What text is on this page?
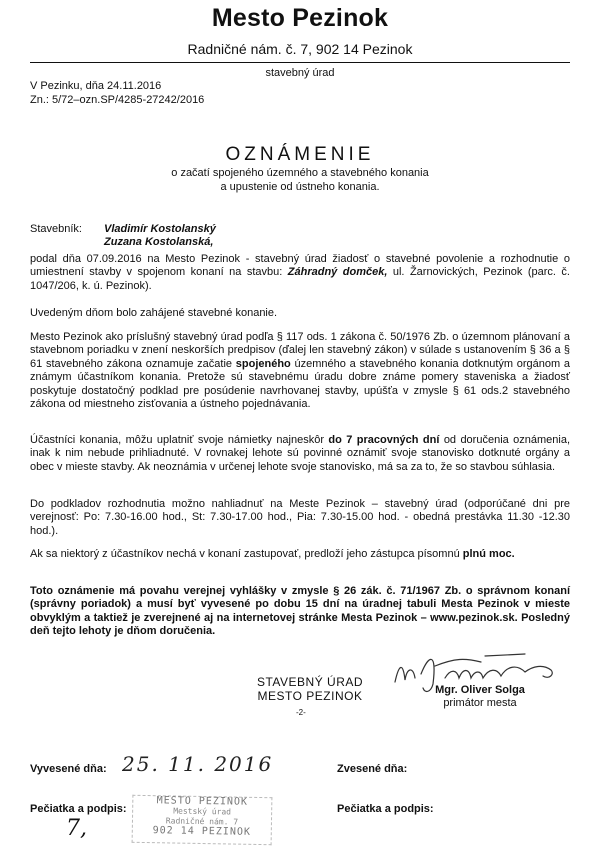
Mesto Pezinok
Radničné nám. č. 7, 902 14 Pezinok
stavebný úrad
V Pezinku, dňa 24.11.2016
Zn.: 5/72–ozn.SP/4285-27242/2016
OZNÁMENIE
o začatí spojeného územného a stavebného konania
a upustenie od ústneho konania.
Stavebník: Vladimír Kostolanský
Zuzana Kostolanská,
podal dňa 07.09.2016 na Mesto Pezinok - stavebný úrad žiadosť o stavebné povolenie a rozhodnutie o umiestnení stavby v spojenom konaní na stavbu: Záhradný domček, ul. Žarnovických, Pezinok (parc. č. 1047/206, k. ú. Pezinok).
Uvedeným dňom bolo zahájené stavebné konanie.
Mesto Pezinok ako príslušný stavebný úrad podľa § 117 ods. 1 zákona č. 50/1976 Zb. o územnom plánovaní a stavebnom poriadku v znení neskorších predpisov (ďalej len stavebný zákon) v súlade s ustanovením § 36 a § 61 stavebného zákona oznamuje začatie spojeného územného a stavebného konania dotknutým orgánom a známym účastníkom konania. Pretože sú stavebnému úradu dobre známe pomery staveniska a žiadosť poskytuje dostatočný podklad pre posúdenie navrhovanej stavby, upúšťa v zmysle § 61 ods.2 stavebného zákona od miestneho zisťovania a ústneho pojednávania.
Účastníci konania, môžu uplatniť svoje námietky najneskôr do 7 pracovných dní od doručenia oznámenia, inak k nim nebude prihliadnuté. V rovnakej lehote sú povinné oznámiť svoje stanovisko dotknuté orgány a obec v mieste stavby. Ak neoznámia v určenej lehote svoje stanovisko, má sa za to, že so stavbou súhlasia.
Do podkladov rozhodnutia možno nahliadnuť na Meste Pezinok – stavebný úrad (odporúčané dni pre verejnosť: Po: 7.30-16.00 hod., St: 7.30-17.00 hod., Pia: 7.30-15.00 hod. - obedná prestávka 11.30 -12.30 hod.).
Ak sa niektorý z účastníkov nechá v konaní zastupovať, predloží jeho zástupca písomnú plnú moc.
Toto oznámenie má povahu verejnej vyhlášky v zmysle § 26 zák. č. 71/1967 Zb. o správnom konaní (správny poriadok) a musí byť vyvesené po dobu 15 dní na úradnej tabuli Mesta Pezinok v mieste obvyklým a taktiež je zverejnené aj na internetovej stránke Mesta Pezinok – www.pezinok.sk. Posledný deň tejto lehoty je dňom doručenia.
STAVEBNÝ ÚRAD
MESTO PEZINOK
-2-
Mgr. Oliver Solga
primátor mesta
Vyvesené dňa: 25. 11. 2016	Zvesené dňa:
Pečiatka a podpis:	Pečiatka a podpis:
MESTO PEZINOK
Mestský úrad
Radničné nám. 7
902 14 PEZINOK
7,
